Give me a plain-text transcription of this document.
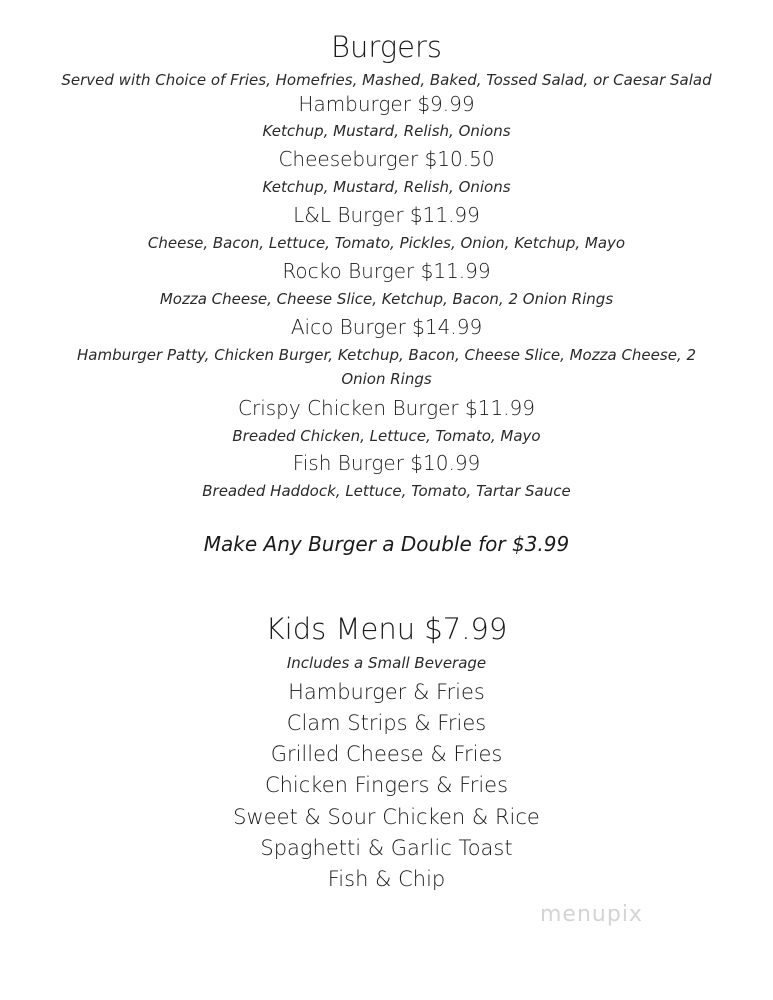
Burgers
Served with Choice of Fries, Homefries, Mashed, Baked, Tossed Salad, or Caesar Salad
Hamburger $9.99
Ketchup, Mustard, Relish, Onions
Cheeseburger $10.50
Ketchup, Mustard, Relish, Onions
L&L Burger $11.99
Cheese, Bacon, Lettuce, Tomato, Pickles, Onion, Ketchup, Mayo
Rocko Burger $11.99
Mozza Cheese, Cheese Slice, Ketchup, Bacon, 2 Onion Rings
Aico Burger $14.99
Hamburger Patty, Chicken Burger, Ketchup, Bacon, Cheese Slice, Mozza Cheese, 2
Onion Rings
Crispy Chicken Burger $11.99
Breaded Chicken, Lettuce, Tomato, Mayo
Fish Burger $10.99
Breaded Haddock, Lettuce, Tomato, Tartar Sauce
Make Any Burger a Double for $3.99
Kids Menu $7.99
Includes a Small Beverage
Hamburger & Fries
Clam Strips & Fries
Grilled Cheese & Fries
Chicken Fingers & Fries
Sweet & Sour Chicken & Rice
Spaghetti & Garlic Toast
Fish & Chip
menupix
